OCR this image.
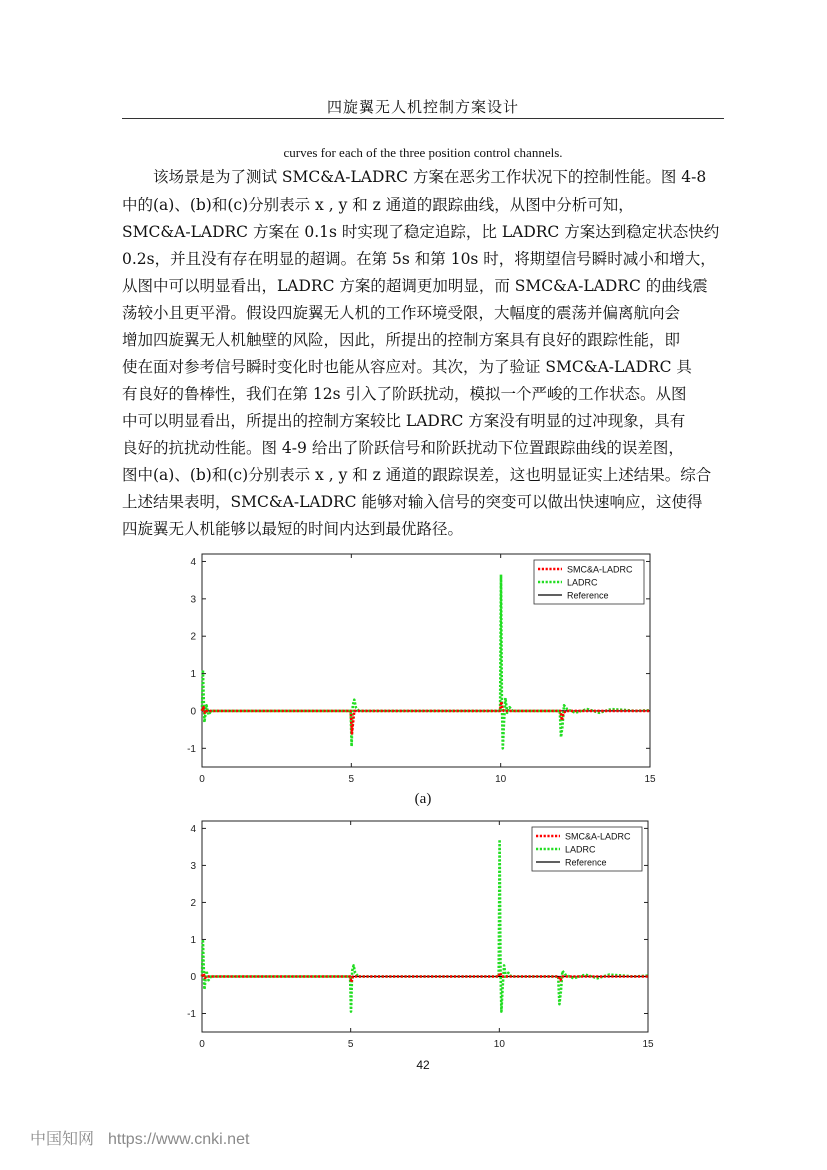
四旋翼无人机控制方案设计
curves for each of the three position control channels.
　　该场景是为了测试 SMC&A-LADRC 方案在恶劣工作状况下的控制性能。图 4-8
中的(a)、(b)和(c)分别表示 x , y 和 z 通道的跟踪曲线，从图中分析可知，
SMC&A-LADRC 方案在 0.1s 时实现了稳定追踪，比 LADRC 方案达到稳定状态快约
0.2s，并且没有存在明显的超调。在第 5s 和第 10s 时，将期望信号瞬时减小和增大，
从图中可以明显看出，LADRC 方案的超调更加明显，而 SMC&A-LADRC 的曲线震
荡较小且更平滑。假设四旋翼无人机的工作环境受限，大幅度的震荡并偏离航向会
增加四旋翼无人机触壁的风险，因此，所提出的控制方案具有良好的跟踪性能，即
使在面对参考信号瞬时变化时也能从容应对。其次，为了验证 SMC&A-LADRC 具
有良好的鲁棒性，我们在第 12s 引入了阶跃扰动，模拟一个严峻的工作状态。从图
中可以明显看出，所提出的控制方案较比 LADRC 方案没有明显的过冲现象，具有
良好的抗扰动性能。图 4-9 给出了阶跃信号和阶跃扰动下位置跟踪曲线的误差图，
图中(a)、(b)和(c)分别表示 x , y 和 z 通道的跟踪误差，这也明显证实上述结果。综合
上述结果表明，SMC&A-LADRC 能够对输入信号的突变可以做出快速响应，这使得
四旋翼无人机能够以最短的时间内达到最优路径。
-1
0
1
2
3
4
0	5	10	15
SMC&A-LADRC
LADRC
Reference
(a)
-1
0
1
2
3
4
0	5	10	15
SMC&A-LADRC
LADRC
Reference
42
中国知网 https://www.cnki.net
